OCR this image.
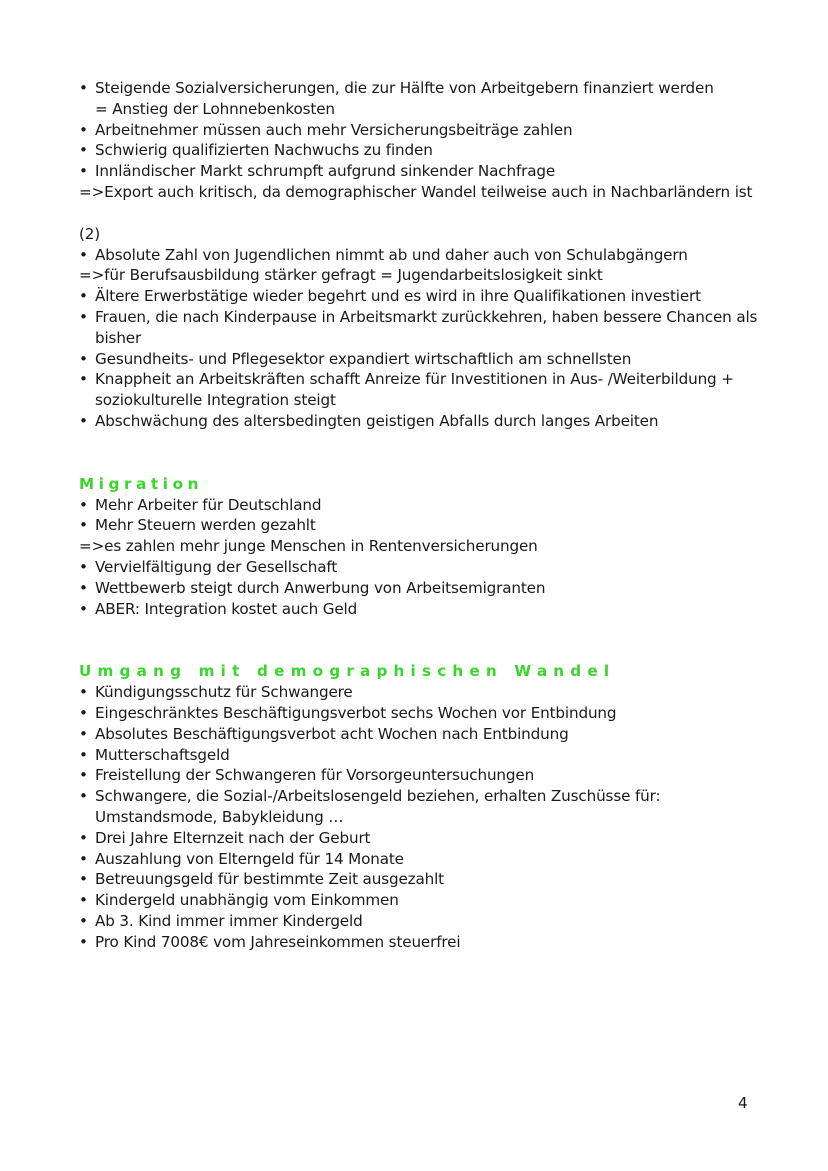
• Steigende Sozialversicherungen, die zur Hälfte von Arbeitgebern finanziert werden
= Anstieg der Lohnnebenkosten
• Arbeitnehmer müssen auch mehr Versicherungsbeiträge zahlen
• Schwierig qualifizierten Nachwuchs zu finden
• Innländischer Markt schrumpft aufgrund sinkender Nachfrage
=>Export auch kritisch, da demographischer Wandel teilweise auch in Nachbarländern ist
(2)
• Absolute Zahl von Jugendlichen nimmt ab und daher auch von Schulabgängern
=>für Berufsausbildung stärker gefragt = Jugendarbeitslosigkeit sinkt
• Ältere Erwerbstätige wieder begehrt und es wird in ihre Qualifikationen investiert
• Frauen, die nach Kinderpause in Arbeitsmarkt zurückkehren, haben bessere Chancen als
bisher
• Gesundheits- und Pflegesektor expandiert wirtschaftlich am schnellsten
• Knappheit an Arbeitskräften schafft Anreize für Investitionen in Aus- /Weiterbildung +
soziokulturelle Integration steigt
• Abschwächung des altersbedingten geistigen Abfalls durch langes Arbeiten
Migration
• Mehr Arbeiter für Deutschland
• Mehr Steuern werden gezahlt
=>es zahlen mehr junge Menschen in Rentenversicherungen
• Vervielfältigung der Gesellschaft
• Wettbewerb steigt durch Anwerbung von Arbeitsemigranten
• ABER: Integration kostet auch Geld
Umgang mit demographischen Wandel
• Kündigungsschutz für Schwangere
• Eingeschränktes Beschäftigungsverbot sechs Wochen vor Entbindung
• Absolutes Beschäftigungsverbot acht Wochen nach Entbindung
• Mutterschaftsgeld
• Freistellung der Schwangeren für Vorsorgeuntersuchungen
• Schwangere, die Sozial-/Arbeitslosengeld beziehen, erhalten Zuschüsse für:
Umstandsmode, Babykleidung …
• Drei Jahre Elternzeit nach der Geburt
• Auszahlung von Elterngeld für 14 Monate
• Betreuungsgeld für bestimmte Zeit ausgezahlt
• Kindergeld unabhängig vom Einkommen
• Ab 3. Kind immer immer Kindergeld
• Pro Kind 7008€ vom Jahreseinkommen steuerfrei
4
